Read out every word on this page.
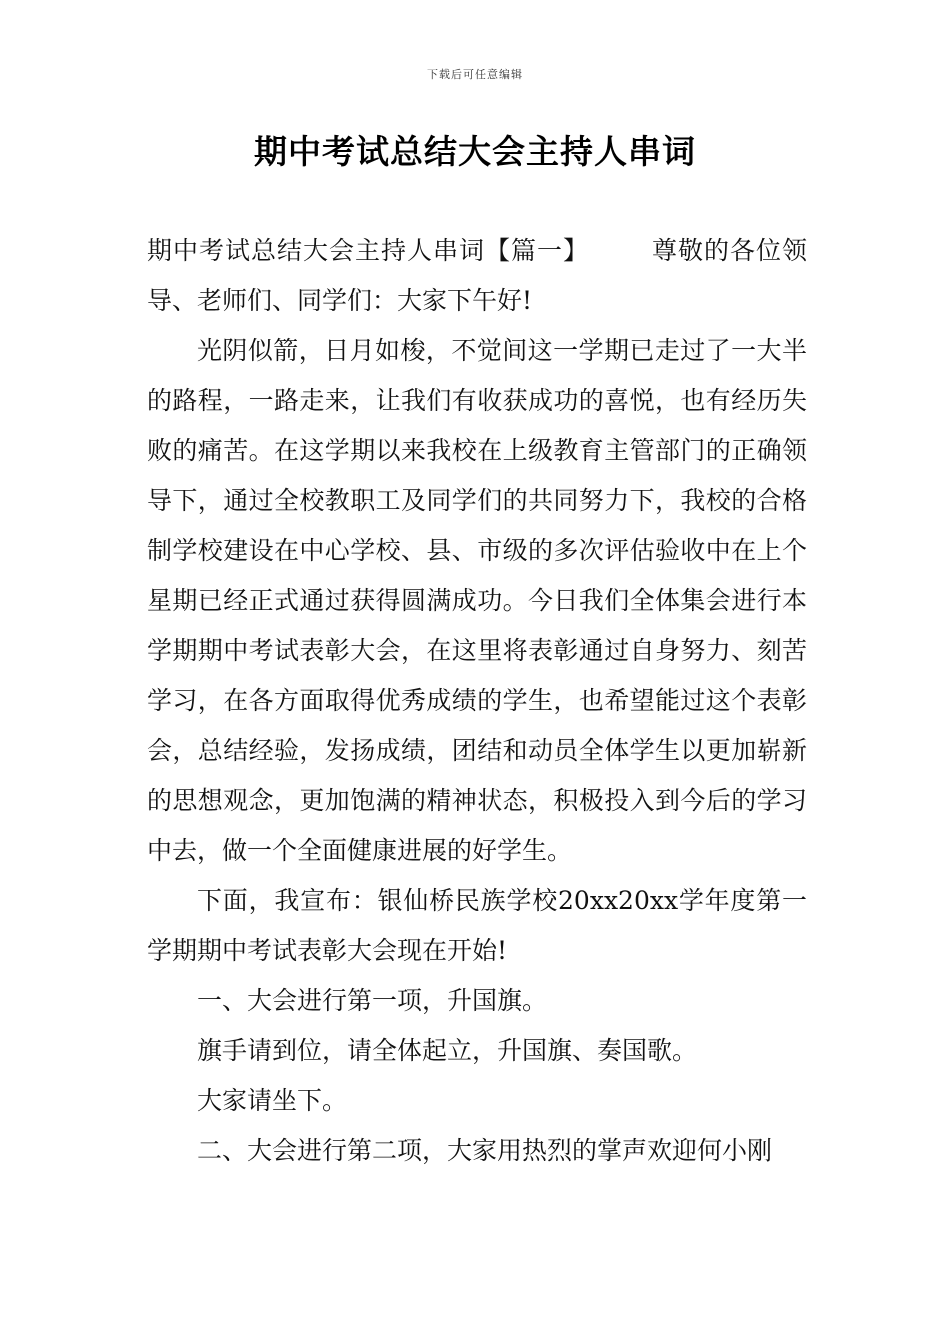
下载后可任意编辑
期中考试总结大会主持人串词

期中考试总结大会主持人串词【篇一】 尊敬的各位领导、老师们、同学们：大家下午好!

光阴似箭，日月如梭，不觉间这一学期已走过了一大半的路程，一路走来，让我们有收获成功的喜悦，也有经历失败的痛苦。在这学期以来我校在上级教育主管部门的正确领导下，通过全校教职工及同学们的共同努力下，我校的合格制学校建设在中心学校、县、市级的多次评估验收中在上个星期已经正式通过获得圆满成功。今日我们全体集会进行本学期期中考试表彰大会，在这里将表彰通过自身努力、刻苦学习，在各方面取得优秀成绩的学生，也希望能过这个表彰会，总结经验，发扬成绩，团结和动员全体学生以更加崭新的思想观念，更加饱满的精神状态，积极投入到今后的学习中去，做一个全面健康进展的好学生。

下面，我宣布：银仙桥民族学校20xx20xx学年度第一学期期中考试表彰大会现在开始!

一、大会进行第一项，升国旗。

旗手请到位，请全体起立，升国旗、奏国歌。

大家请坐下。

二、大会进行第二项，大家用热烈的掌声欢迎何小刚
